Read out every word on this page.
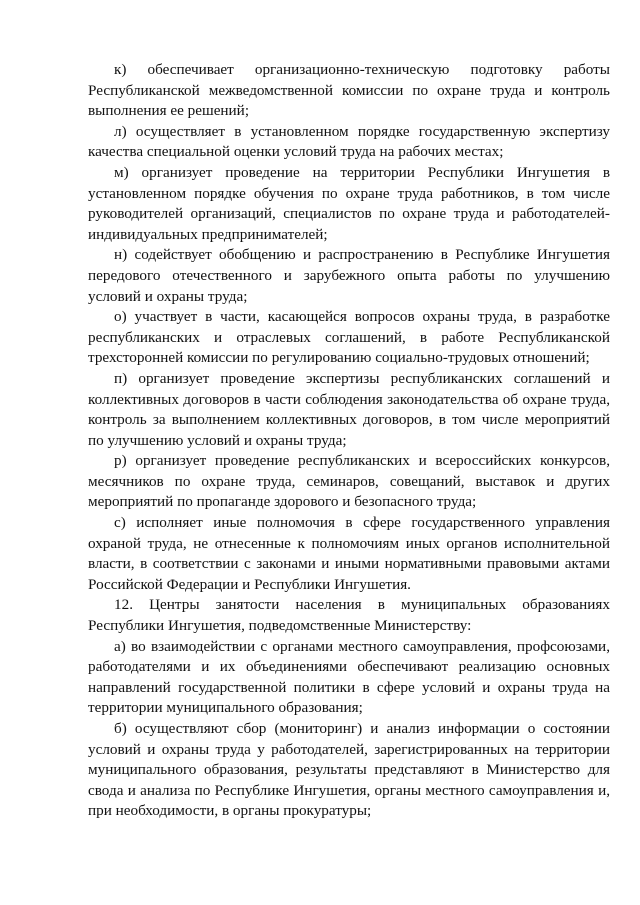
к) обеспечивает организационно-техническую подготовку работы Республиканской межведомственной комиссии по охране труда и контроль выполнения ее решений;

л) осуществляет в установленном порядке государственную экспертизу качества специальной оценки условий труда на рабочих местах;

м) организует проведение на территории Республики Ингушетия в установленном порядке обучения по охране труда работников, в том числе руководителей организаций, специалистов по охране труда и работодателей-индивидуальных предпринимателей;

н) содействует обобщению и распространению в Республике Ингушетия передового отечественного и зарубежного опыта работы по улучшению условий и охраны труда;

о) участвует в части, касающейся вопросов охраны труда, в разработке республиканских и отраслевых соглашений, в работе Республиканской трехсторонней комиссии по регулированию социально-трудовых отношений;

п) организует проведение экспертизы республиканских соглашений и коллективных договоров в части соблюдения законодательства об охране труда, контроль за выполнением коллективных договоров, в том числе мероприятий по улучшению условий и охраны труда;

р) организует проведение республиканских и всероссийских конкурсов, месячников по охране труда, семинаров, совещаний, выставок и других мероприятий по пропаганде здорового и безопасного труда;

с) исполняет иные полномочия в сфере государственного управления охраной труда, не отнесенные к полномочиям иных органов исполнительной власти, в соответствии с законами и иными нормативными правовыми актами Российской Федерации и Республики Ингушетия.

12. Центры занятости населения в муниципальных образованиях Республики Ингушетия, подведомственные Министерству:

а) во взаимодействии с органами местного самоуправления, профсоюзами, работодателями и их объединениями обеспечивают реализацию основных направлений государственной политики в сфере условий и охраны труда на территории муниципального образования;

б) осуществляют сбор (мониторинг) и анализ информации о состоянии условий и охраны труда у работодателей, зарегистрированных на территории муниципального образования, результаты представляют в Министерство для свода и анализа по Республике Ингушетия, органы местного самоуправления и, при необходимости, в органы прокуратуры;
